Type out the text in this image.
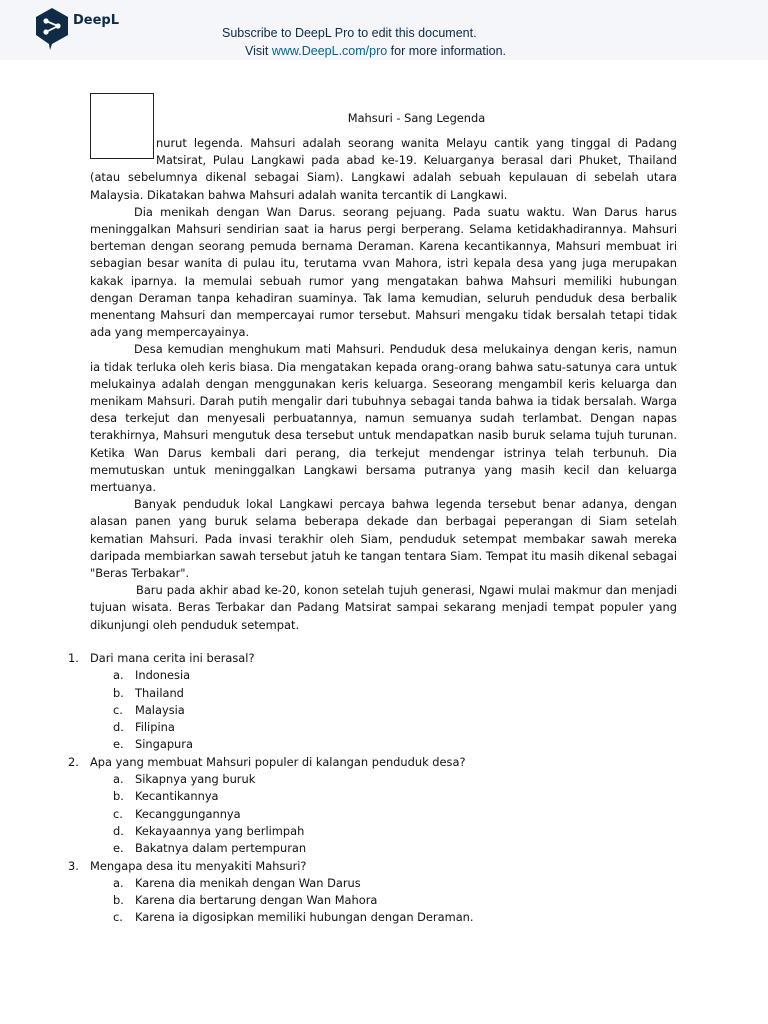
DeepL
Subscribe to DeepL Pro to edit this document.
Visit www.DeepL.com/pro for more information.
Mahsuri - Sang Legenda

nurut legenda. Mahsuri adalah seorang wanita Melayu cantik yang tinggal di Padang Matsirat, Pulau Langkawi pada abad ke-19. Keluarganya berasal dari Phuket, Thailand (atau sebelumnya dikenal sebagai Siam). Langkawi adalah sebuah kepulauan di sebelah utara Malaysia. Dikatakan bahwa Mahsuri adalah wanita tercantik di Langkawi.

Dia menikah dengan Wan Darus. seorang pejuang. Pada suatu waktu. Wan Darus harus meninggalkan Mahsuri sendirian saat ia harus pergi berperang. Selama ketidakhadirannya. Mahsuri berteman dengan seorang pemuda bernama Deraman. Karena kecantikannya, Mahsuri membuat iri sebagian besar wanita di pulau itu, terutama vvan Mahora, istri kepala desa yang juga merupakan kakak iparnya. Ia memulai sebuah rumor yang mengatakan bahwa Mahsuri memiliki hubungan dengan Deraman tanpa kehadiran suaminya. Tak lama kemudian, seluruh penduduk desa berbalik menentang Mahsuri dan mempercayai rumor tersebut. Mahsuri mengaku tidak bersalah tetapi tidak ada yang mempercayainya.

Desa kemudian menghukum mati Mahsuri. Penduduk desa melukainya dengan keris, namun ia tidak terluka oleh keris biasa. Dia mengatakan kepada orang-orang bahwa satu-satunya cara untuk melukainya adalah dengan menggunakan keris keluarga. Seseorang mengambil keris keluarga dan menikam Mahsuri. Darah putih mengalir dari tubuhnya sebagai tanda bahwa ia tidak bersalah. Warga desa terkejut dan menyesali perbuatannya, namun semuanya sudah terlambat. Dengan napas terakhirnya, Mahsuri mengutuk desa tersebut untuk mendapatkan nasib buruk selama tujuh turunan. Ketika Wan Darus kembali dari perang, dia terkejut mendengar istrinya telah terbunuh. Dia memutuskan untuk meninggalkan Langkawi bersama putranya yang masih kecil dan keluarga mertuanya.

Banyak penduduk lokal Langkawi percaya bahwa legenda tersebut benar adanya, dengan alasan panen yang buruk selama beberapa dekade dan berbagai peperangan di Siam setelah kematian Mahsuri. Pada invasi terakhir oleh Siam, penduduk setempat membakar sawah mereka daripada membiarkan sawah tersebut jatuh ke tangan tentara Siam. Tempat itu masih dikenal sebagai "Beras Terbakar".

Baru pada akhir abad ke-20, konon setelah tujuh generasi, Ngawi mulai makmur dan menjadi tujuan wisata. Beras Terbakar dan Padang Matsirat sampai sekarang menjadi tempat populer yang dikunjungi oleh penduduk setempat.

1. Dari mana cerita ini berasal?
a. Indonesia
b. Thailand
c. Malaysia
d. Filipina
e. Singapura
2. Apa yang membuat Mahsuri populer di kalangan penduduk desa?
a. Sikapnya yang buruk
b. Kecantikannya
c. Kecanggungannya
d. Kekayaannya yang berlimpah
e. Bakatnya dalam pertempuran
3. Mengapa desa itu menyakiti Mahsuri?
a. Karena dia menikah dengan Wan Darus
b. Karena dia bertarung dengan Wan Mahora
c. Karena ia digosipkan memiliki hubungan dengan Deraman.
